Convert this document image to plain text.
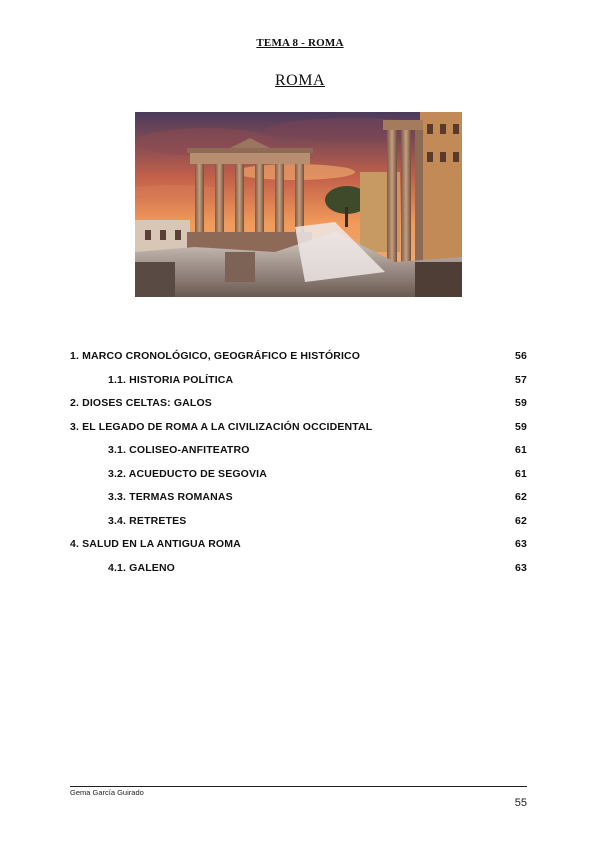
TEMA 8 - ROMA
ROMA
1. MARCO CRONOLÓGICO, GEOGRÁFICO E HISTÓRICO	56
1.1. HISTORIA POLÍTICA	57
2. DIOSES CELTAS: GALOS	59
3. EL LEGADO DE ROMA A LA CIVILIZACIÓN OCCIDENTAL	59
3.1. COLISEO-ANFITEATRO	61
3.2. ACUEDUCTO DE SEGOVIA	61
3.3. TERMAS ROMANAS	62
3.4. RETRETES	62
4. SALUD EN LA ANTIGUA ROMA	63
4.1. GALENO	63
Gema García Guirado
55
